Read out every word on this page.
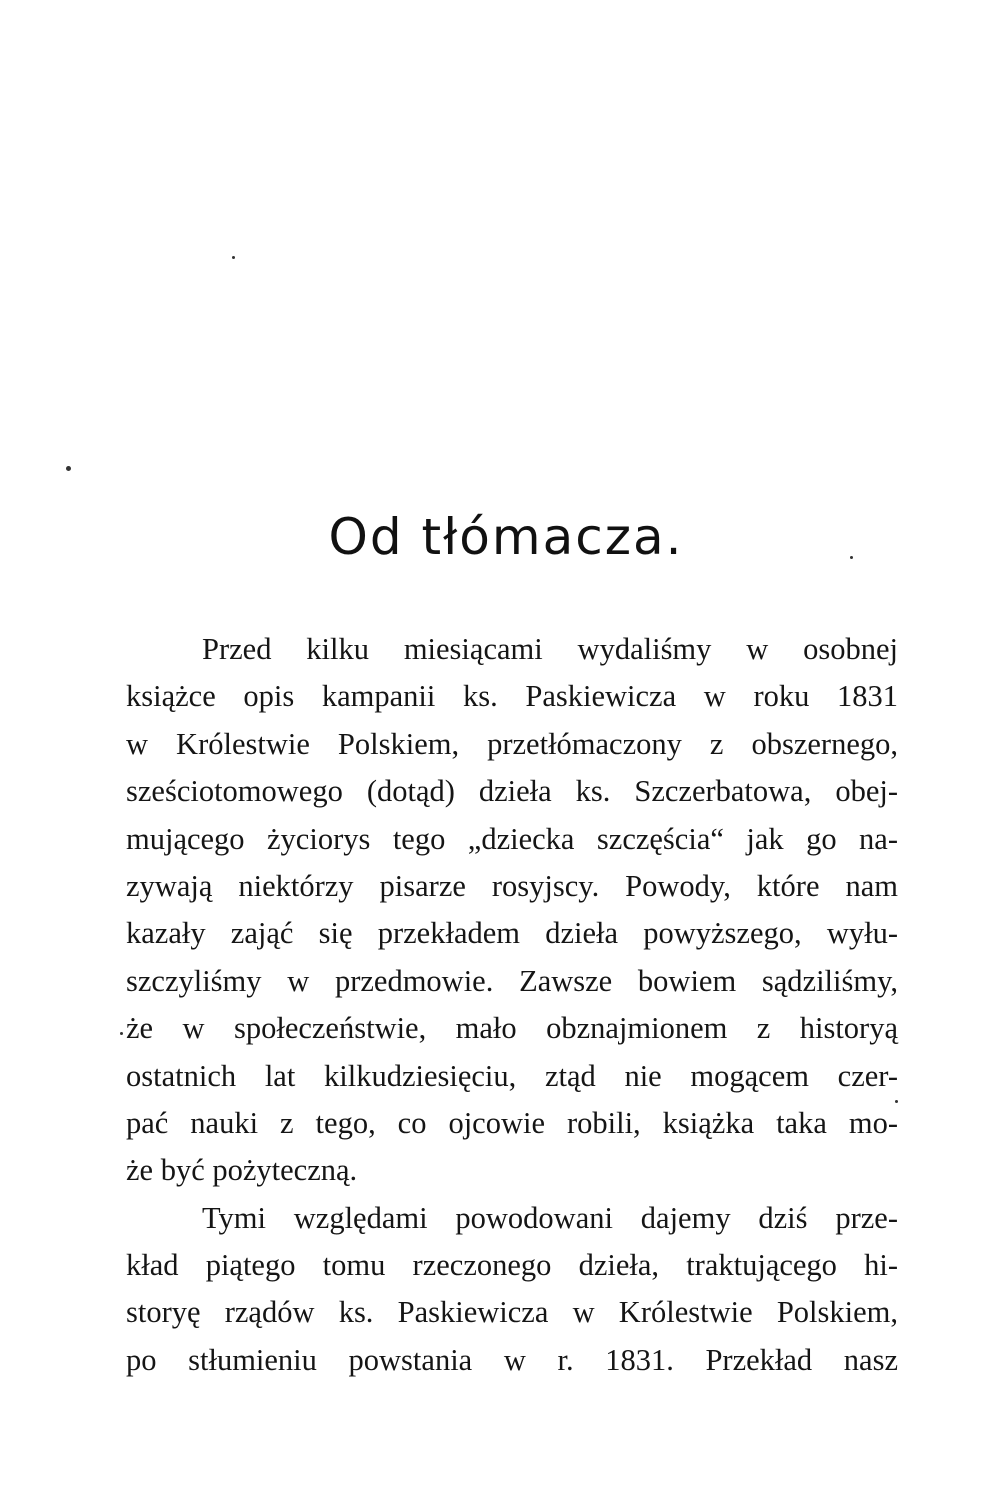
Od tłómacza.
Przed kilku miesiącami wydaliśmy w osobnej
książce opis kampanii ks. Paskiewicza w roku 1831
w Królestwie Polskiem, przetłómaczony z obszernego,
sześciotomowego (dotąd) dzieła ks. Szczerbatowa, obej-
mującego życiorys tego „dziecka szczęścia“ jak go na-
zywają niektórzy pisarze rosyjscy. Powody, które nam
kazały zająć się przekładem dzieła powyższego, wyłu-
szczyliśmy w przedmowie. Zawsze bowiem sądziliśmy,
że w społeczeństwie, mało obznajmionem z historyą
ostatnich lat kilkudziesięciu, ztąd nie mogącem czer-
pać nauki z tego, co ojcowie robili, książka taka mo-
że być pożyteczną.
Tymi względami powodowani dajemy dziś prze-
kład piątego tomu rzeczonego dzieła, traktującego hi-
storyę rządów ks. Paskiewicza w Królestwie Polskiem,
po stłumieniu powstania w r. 1831. Przekład nasz
